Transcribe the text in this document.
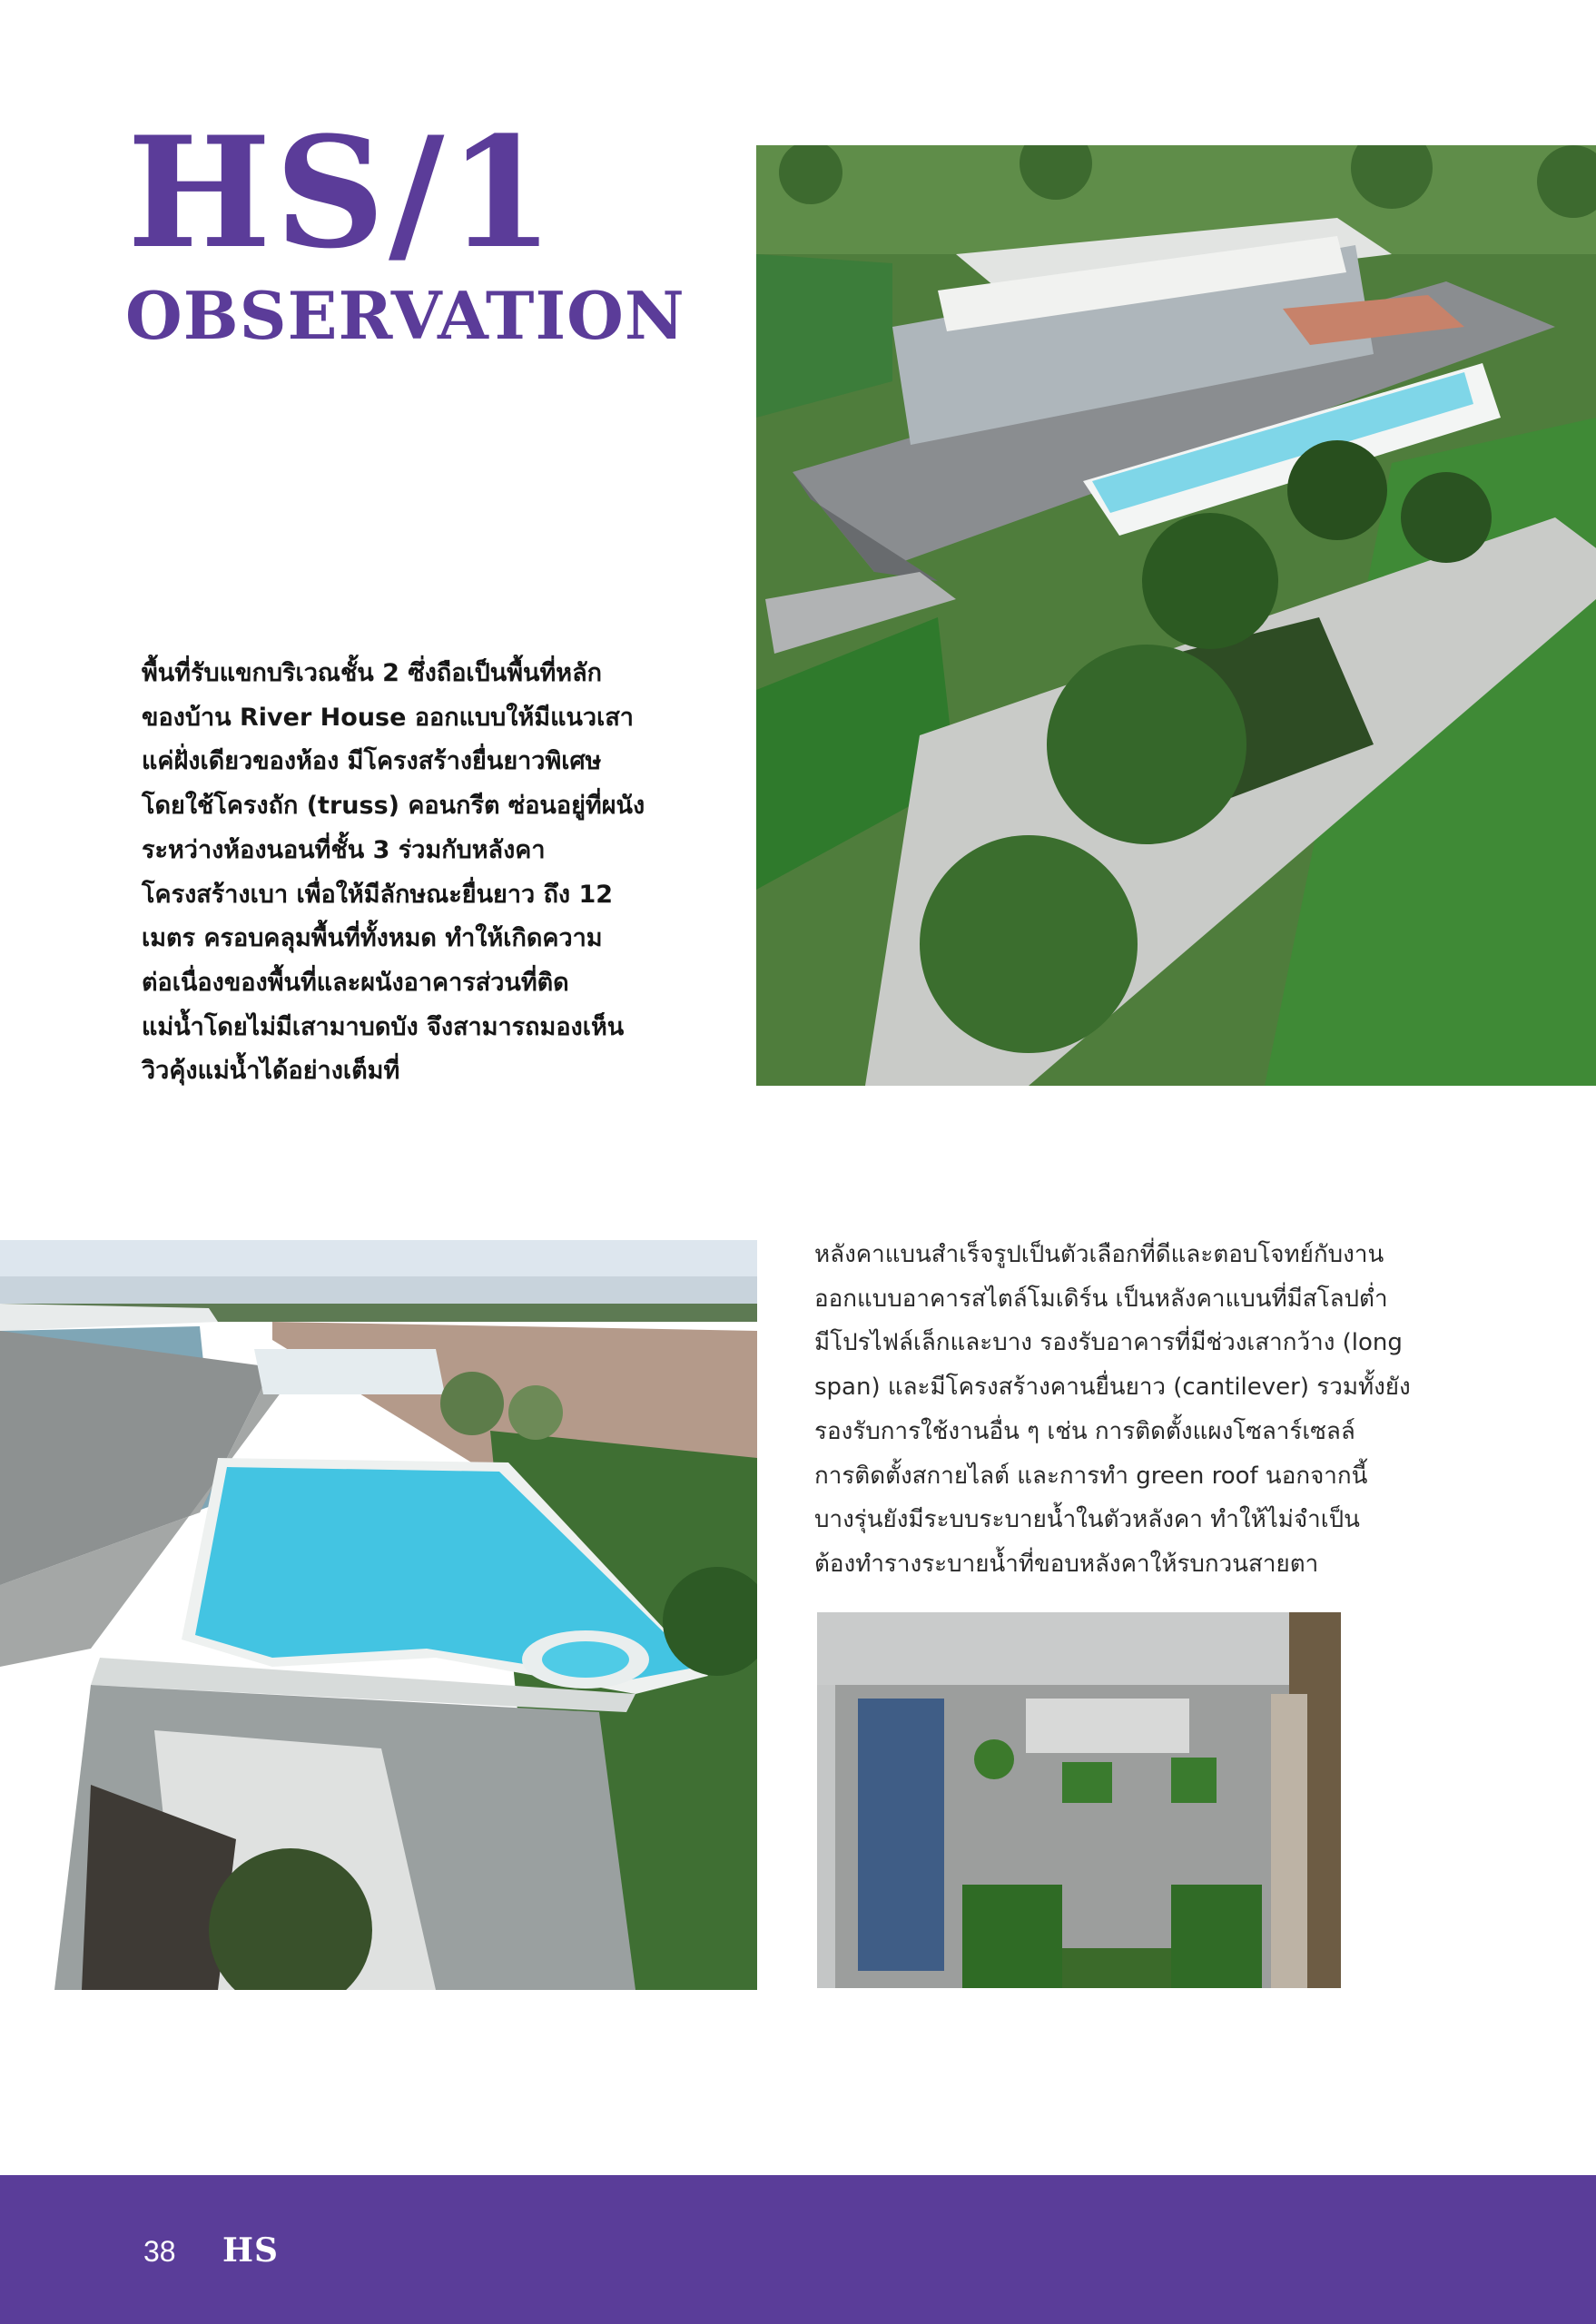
HS/1
OBSERVATION
พื้นที่รับแขกบริเวณชั้น 2 ซึ่งถือเป็นพื้นที่หลัก
ของบ้าน River House ออกแบบให้มีแนวเสา
แค่ฝั่งเดียวของห้อง มีโครงสร้างยื่นยาวพิเศษ
โดยใช้โครงถัก (truss) คอนกรีต ซ่อนอยู่ที่ผนัง
ระหว่างห้องนอนที่ชั้น 3 ร่วมกับหลังคา
โครงสร้างเบา เพื่อให้มีลักษณะยื่นยาว ถึง 12
เมตร ครอบคลุมพื้นที่ทั้งหมด ทำให้เกิดความ
ต่อเนื่องของพื้นที่และผนังอาคารส่วนที่ติด
แม่น้ำโดยไม่มีเสามาบดบัง จึงสามารถมองเห็น
วิวคุ้งแม่น้ำได้อย่างเต็มที่
หลังคาแบนสำเร็จรูปเป็นตัวเลือกที่ดีและตอบโจทย์กับงาน
ออกแบบอาคารสไตล์โมเดิร์น เป็นหลังคาแบนที่มีสโลปต่ำ
มีโปรไฟล์เล็กและบาง รองรับอาคารที่มีช่วงเสากว้าง (long
span) และมีโครงสร้างคานยื่นยาว (cantilever) รวมทั้งยัง
รองรับการใช้งานอื่น ๆ เช่น การติดตั้งแผงโซลาร์เซลล์
การติดตั้งสกายไลต์ และการทำ green roof นอกจากนี้
บางรุ่นยังมีระบบระบายน้ำในตัวหลังคา ทำให้ไม่จำเป็น
ต้องทำรางระบายน้ำที่ขอบหลังคาให้รบกวนสายตา
38 HS
